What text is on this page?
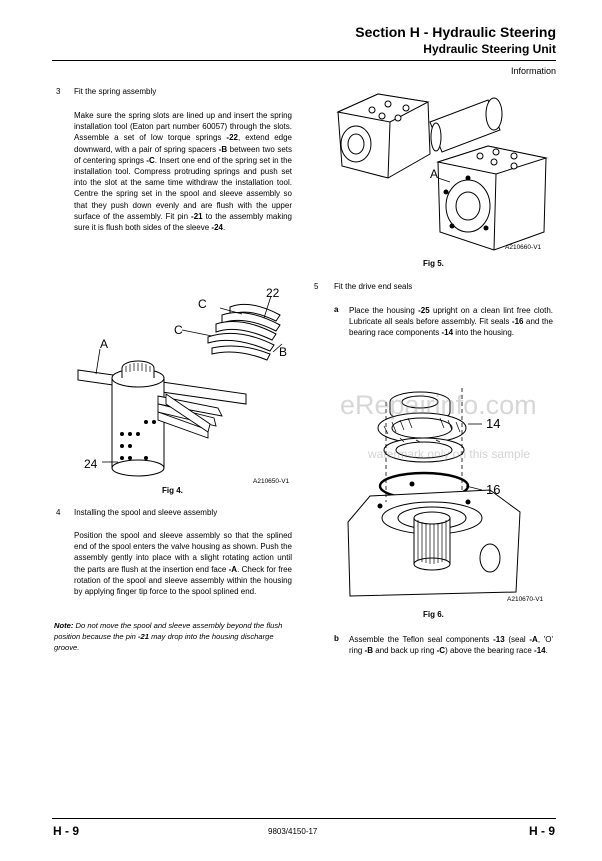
Section H - Hydraulic Steering
Hydraulic Steering Unit
Information
3 Fit the spring assembly
Make sure the spring slots are lined up and insert the spring installation tool (Eaton part number 60057) through the slots. Assemble a set of low torque springs -22, extend edge downward, with a pair of spring spacers -B between two sets of centering springs -C. Insert one end of the spring set in the installation tool. Compress protruding springs and push set into the slot at the same time withdraw the installation tool. Centre the spring set in the spool and sleeve assembly so that they push down evenly and are flush with the upper surface of the assembly. Fit pin -21 to the assembly making sure it is flush both sides of the sleeve -24.
C
C
22
B
A
24
Fig 4.
A210650-V1
4 Installing the spool and sleeve assembly
Position the spool and sleeve assembly so that the splined end of the spool enters the valve housing as shown. Push the assembly gently into place with a slight rotating action until the parts are flush at the insertion end face -A. Check for free rotation of the spool and sleeve assembly within the housing by applying finger tip force to the spool splined end.
Note: Do not move the spool and sleeve assembly beyond the flush position because the pin -21 may drop into the housing discharge groove.
A
A210660-V1
Fig 5.
5 Fit the drive end seals
a Place the housing -25 upright on a clean lint free cloth. Lubricate all seals before assembly. Fit seals -16 and the bearing race components -14 into the housing.
14
16
A210670-V1
Fig 6.
b Assemble the Teflon seal components -13 (seal -A, 'O' ring -B and back up ring -C) above the bearing race -14.
eRepairinfo.com
watermark only on this sample
H - 9	9803/4150-17	H - 9
